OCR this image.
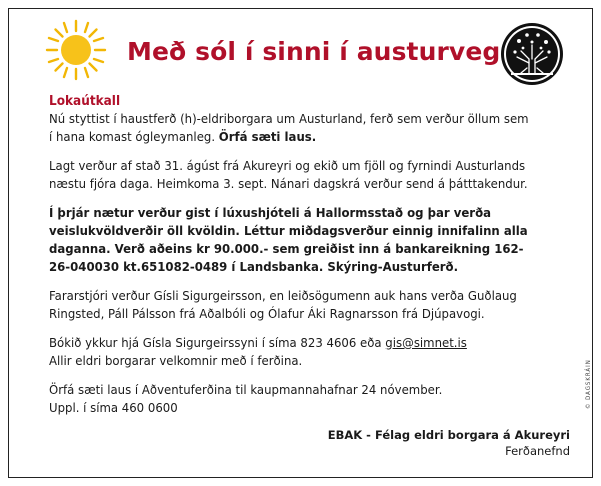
Með sól í sinni í austurveg
Lokaútkall

Nú styttist í haustferð (h)-eldriborgara um Austurland, ferð sem verður öllum sem í hana komast ógleymanleg. Örfá sæti laus.

Lagt verður af stað 31. ágúst frá Akureyri og ekið um fjöll og fyrnindi Austurlands næstu fjóra daga. Heimkoma 3. sept. Nánari dagskrá verður send á þátttakendur.

Í þrjár nætur verður gist í lúxushjóteli á Hallormsstað og þar verða veislukvöldverðir öll kvöldin. Léttur miðdagsverður einnig innifalinn alla daganna. Verð aðeins kr 90.000.- sem greiðist inn á bankareikning 162-26-040030 kt.651082-0489 í Landsbanka. Skýring-Austurferð.

Fararstjóri verður Gísli Sigurgeirsson, en leiðsögumenn auk hans verða Guðlaug Ringsted, Páll Pálsson frá Aðalbóli og Ólafur Áki Ragnarsson frá Djúpavogi.

Bókið ykkur hjá Gísla Sigurgeirssyni í síma 823 4606 eða gis@simnet.is
Allir eldri borgarar velkomnir með í ferðina.

Örfá sæti laus í Aðventuferðina til kaupmannahafnar 24 nóvember.
Uppl. í síma 460 0600

EBAK - Félag eldri borgara á Akureyri
Ferðanefnd
© DAGSKRÁIN
